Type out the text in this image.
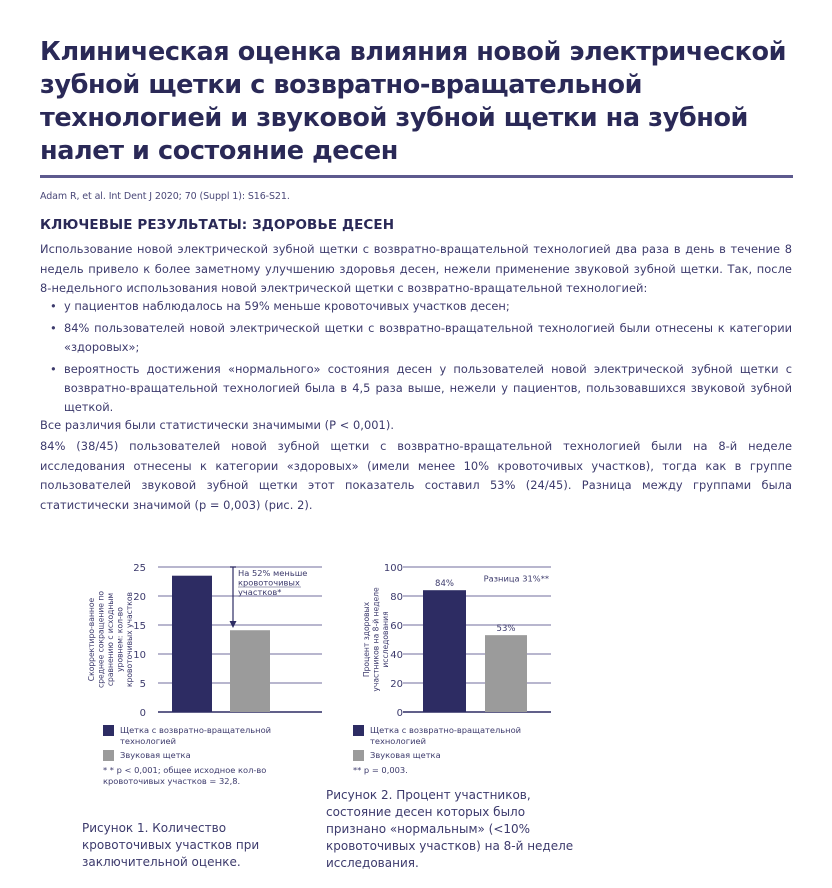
Клиническая оценка влияния новой электрической зубной щетки с возвратно-вращательной технологией и звуковой зубной щетки на зубной налет и состояние десен
Adam R, et al. Int Dent J 2020; 70 (Suppl 1): S16-S21.
КЛЮЧЕВЫЕ РЕЗУЛЬТАТЫ: ЗДОРОВЬЕ ДЕСЕН
Использование новой электрической зубной щетки с возвратно-вращательной технологией два раза в день в течение 8 недель привело к более заметному улучшению здоровья десен, нежели применение звуковой зубной щетки. Так, после 8-недельного использования новой электрической щетки с возвратно-вращательной технологией:
• у пациентов наблюдалось на 59% меньше кровоточивых участков десен;
• 84% пользователей новой электрической щетки с возвратно-вращательной технологией были отнесены к категории «здоровых»;
• вероятность достижения «нормального» состояния десен у пользователей новой электрической зубной щетки с возвратно-вращательной технологией была в 4,5 раза выше, нежели у пациентов, пользовавшихся звуковой зубной щеткой.
Все различия были статистически значимыми (P < 0,001).
84% (38/45) пользователей новой зубной щетки с возвратно-вращательной технологией были на 8-й неделе исследования отнесены к категории «здоровых» (имели менее 10% кровоточивых участков), тогда как в группе пользователей звуковой зубной щетки этот показатель составил 53% (24/45). Разница между группами была статистически значимой (p = 0,003) (рис. 2).
0
5
10
15
20
25
Скорректиро-ванное среднее сокращение по сравнению с исходным уровнем: кол-во кровоточивых участков
На 52% меньше
кровоточивых
участков*
Щетка с возвратно-вращательной технологией
Звуковая щетка
* * p < 0,001; общее исходное кол-во кровоточивых участков = 32,8.
Рисунок 1. Количество кровоточивых участков при заключительной оценке.
0
20
40
60
80
100
84%
53%
Процент здоровых участников на 8-й неделе исследования
Разница 31%**
Щетка с возвратно-вращательной технологией
Звуковая щетка
** p = 0,003.
Рисунок 2. Процент участников, состояние десен которых было признано «нормальным» (<10% кровоточивых участков) на 8-й неделе исследования.
